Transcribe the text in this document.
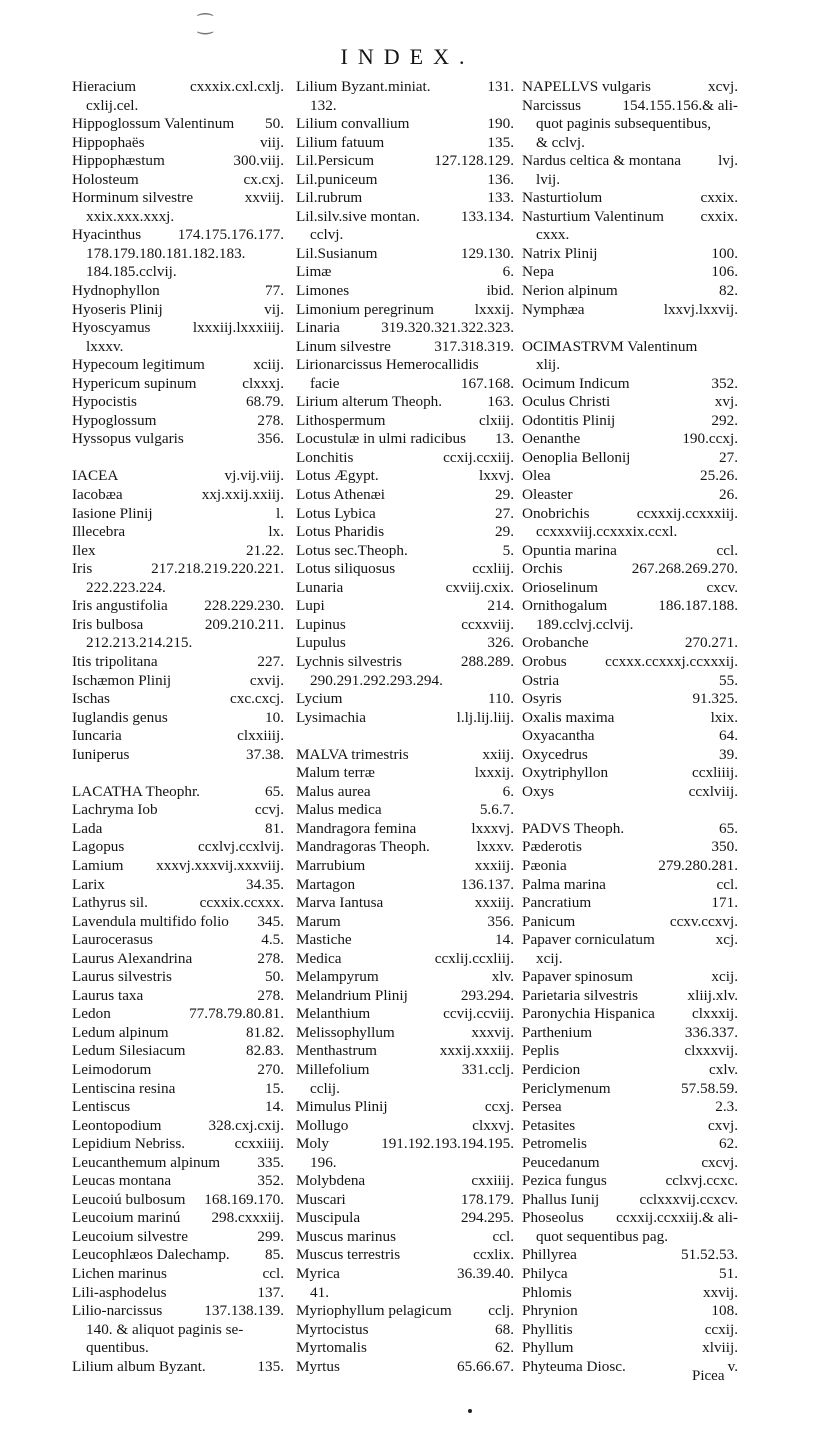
⁐
INDEX.
Hieracium	cxxxix.cxl.cxlj.
cxlij.cel.
Hippoglossum Valentinum	50.
Hippophaës	viij.
Hippophæstum	300.viij.
Holosteum	cx.cxj.
Horminum silvestre	xxviij.
xxix.xxx.xxxj.
Hyacinthus	174.175.176.177.
178.179.180.181.182.183.
184.185.cclvij.
Hydnophyllon	77.
Hyoseris Plinij	vij.
Hyoscyamus	lxxxiij.lxxxiiij.
lxxxv.
Hypecoum legitimum	xciij.
Hypericum supinum	clxxxj.
Hypocistis	68.79.
Hypoglossum	278.
Hyssopus vulgaris	356.
IACEA	vj.vij.viij.
Iacobæa	xxj.xxij.xxiij.
Iasione Plinij	l.
Illecebra	lx.
Ilex	21.22.
Iris	217.218.219.220.221.
222.223.224.
Iris angustifolia	228.229.230.
Iris bulbosa	209.210.211.
212.213.214.215.
Itis tripolitana	227.
Ischæmon Plinij	cxvij.
Ischas	cxc.cxcj.
Iuglandis genus	10.
Iuncaria	clxxiiij.
Iuniperus	37.38.
LACATHA Theophr.	65.
Lachryma Iob	ccvj.
Lada	81.
Lagopus	ccxlvj.ccxlvij.
Lamium	xxxvj.xxxvij.xxxviij.
Larix	34.35.
Lathyrus sil.	ccxxix.ccxxx.
Lavendula multifido folio	345.
Laurocerasus	4.5.
Laurus Alexandrina	278.
Laurus silvestris	50.
Laurus taxa	278.
Ledon	77.78.79.80.81.
Ledum alpinum	81.82.
Ledum Silesiacum	82.83.
Leimodorum	270.
Lentiscina resina	15.
Lentiscus	14.
Leontopodium	328.cxj.cxij.
Lepidium Nebriss.	ccxxiiij.
Leucanthemum alpinum	335.
Leucas montana	352.
Leucoiú bulbosum	168.169.170.
Leucoium marinú	298.cxxxiij.
Leucoium silvestre	299.
Leucophlæos Dalechamp.	85.
Lichen marinus	ccl.
Lili-asphodelus	137.
Lilio-narcissus	137.138.139.
140. & aliquot paginis se-
quentibus.
Lilium album Byzant.	135.
Lilium Byzant.miniat.	131.
132.
Lilium convallium	190.
Lilium fatuum	135.
Lil.Persicum	127.128.129.
Lil.puniceum	136.
Lil.rubrum	133.
Lil.silv.sive montan.	133.134.
cclvj.
Lil.Susianum	129.130.
Limæ	6.
Limones	ibid.
Limonium peregrinum	lxxxij.
Linaria	319.320.321.322.323.
Linum silvestre	317.318.319.
Lirionarcissus Hemerocallidis
facie	167.168.
Lirium alterum Theoph.	163.
Lithospermum	clxiij.
Locustulæ in ulmi radicibus	13.
Lonchitis	ccxij.ccxiij.
Lotus Ægypt.	lxxvj.
Lotus Athenæi	29.
Lotus Lybica	27.
Lotus Pharidis	29.
Lotus sec.Theoph.	5.
Lotus siliquosus	ccxliij.
Lunaria	cxviij.cxix.
Lupi	214.
Lupinus	ccxxviij.
Lupulus	326.
Lychnis silvestris	288.289.
290.291.292.293.294.
Lycium	110.
Lysimachia	l.lj.lij.liij.
MALVA trimestris	xxiij.
Malum terræ	lxxxij.
Malus aurea	6.
Malus medica	5.6.7.
Mandragora femina	lxxxvj.
Mandragoras Theoph.	lxxxv.
Marrubium	xxxiij.
Martagon	136.137.
Marva Iantusa	xxxiij.
Marum	356.
Mastiche	14.
Medica	ccxlij.ccxliij.
Melampyrum	xlv.
Melandrium Plinij	293.294.
Melanthium	ccvij.ccviij.
Melissophyllum	xxxvij.
Menthastrum	xxxij.xxxiij.
Millefolium	331.cclj.
cclij.
Mimulus Plinij	ccxj.
Mollugo	clxxvj.
Moly	191.192.193.194.195.
196.
Molybdena	cxxiiij.
Muscari	178.179.
Muscipula	294.295.
Muscus marinus	ccl.
Muscus terrestris	ccxlix.
Myrica	36.39.40.
41.
Myriophyllum pelagicum	cclj.
Myrtocistus	68.
Myrtomalis	62.
Myrtus	65.66.67.
NAPELLVS vulgaris	xcvj.
Narcissus	154.155.156.& ali-
quot paginis subsequentibus,
& cclvj.
Nardus celtica & montana	lvj.
lvij.
Nasturtiolum	cxxix.
Nasturtium Valentinum	cxxix.
cxxx.
Natrix Plinij	100.
Nepa	106.
Nerion alpinum	82.
Nymphæa	lxxvj.lxxvij.
OCIMASTRVM Valentinum
xlij.
Ocimum Indicum	352.
Oculus Christi	xvj.
Odontitis Plinij	292.
Oenanthe	190.ccxj.
Oenoplia Bellonij	27.
Olea	25.26.
Oleaster	26.
Onobrichis	ccxxxij.ccxxxiij.
ccxxxviij.ccxxxix.ccxl.
Opuntia marina	ccl.
Orchis	267.268.269.270.
Orioselinum	cxcv.
Ornithogalum	186.187.188.
189.cclvj.cclvij.
Orobanche	270.271.
Orobus	ccxxx.ccxxxj.ccxxxij.
Ostria	55.
Osyris	91.325.
Oxalis maxima	lxix.
Oxyacantha	64.
Oxycedrus	39.
Oxytriphyllon	ccxliiij.
Oxys	ccxlviij.
PADVS Theoph.	65.
Pæderotis	350.
Pæonia	279.280.281.
Palma marina	ccl.
Pancratium	171.
Panicum	ccxv.ccxvj.
Papaver corniculatum	xcj.
xcij.
Papaver spinosum	xcij.
Parietaria silvestris	xliij.xlv.
Paronychia Hispanica	clxxxij.
Parthenium	336.337.
Peplis	clxxxvij.
Perdicion	cxlv.
Periclymenum	57.58.59.
Persea	2.3.
Petasites	cxvj.
Petromelis	62.
Peucedanum	cxcvj.
Pezica fungus	cclxvj.ccxc.
Phallus Iunij	cclxxxvij.ccxcv.
Phoseolus	ccxxij.ccxxiij.& ali-
quot sequentibus pag.
Phillyrea	51.52.53.
Philyca	51.
Phlomis	xxvij.
Phrynion	108.
Phyllitis	ccxij.
Phyllum	xlviij.
Phyteuma Diosc.	v.
Picea
